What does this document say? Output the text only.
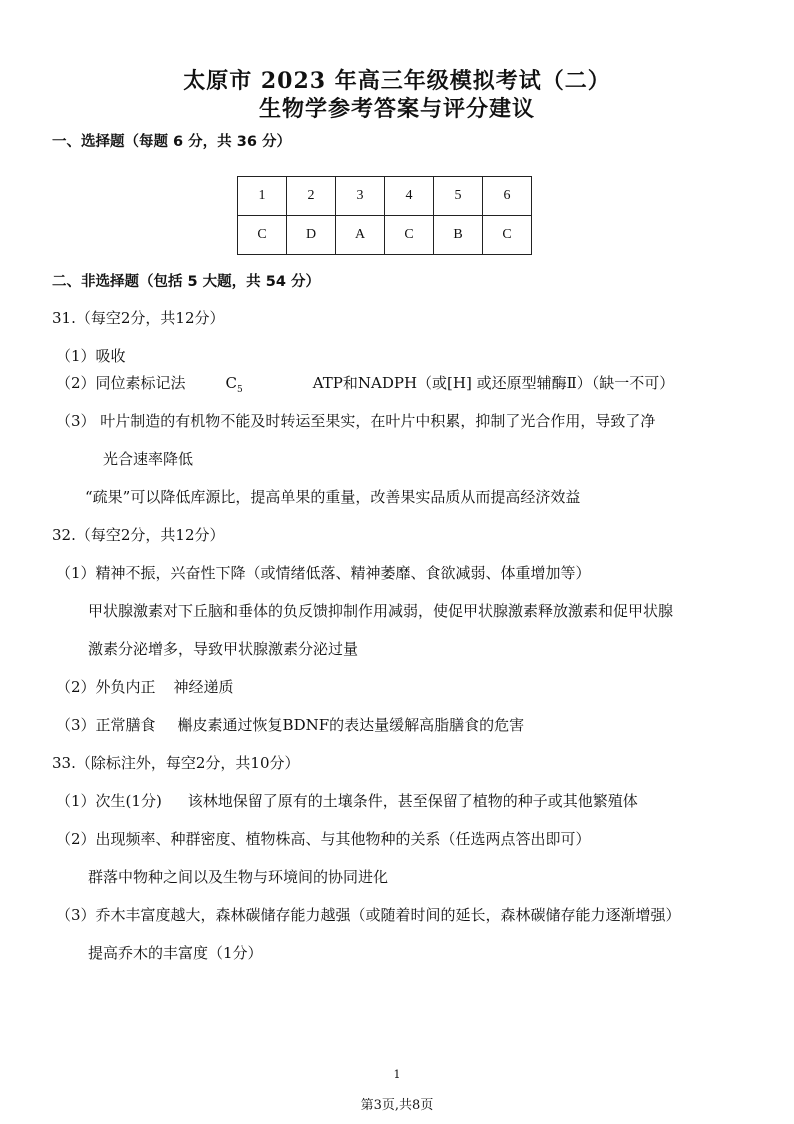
太原市 2023 年高三年级模拟考试（二）
生物学参考答案与评分建议
一、选择题（每题 6 分，共 36 分）
1	2	3	4	5	6
C	D	A	C	B	C
二、非选择题（包括 5 大题，共 54 分）
31.（每空2分，共12分）
（1）吸收
（2）同位素标记法	$C_5$	ATP和NADPH（或[H] 或还原型辅酶Ⅱ）（缺一不可）
（3） 叶片制造的有机物不能及时转运至果实，在叶片中积累，抑制了光合作用，导致了净
光合速率降低
“疏果”可以降低库源比，提高单果的重量，改善果实品质从而提高经济效益
32.（每空2分，共12分）
（1）精神不振，兴奋性下降（或情绪低落、精神萎靡、食欲减弱、体重增加等）
甲状腺激素对下丘脑和垂体的负反馈抑制作用减弱，使促甲状腺激素释放激素和促甲状腺
激素分泌增多，导致甲状腺激素分泌过量
（2）外负内正 神经递质
（3）正常膳食 槲皮素通过恢复BDNF的表达量缓解高脂膳食的危害
33.（除标注外，每空2分，共10分）
（1）次生(1分) 该林地保留了原有的土壤条件，甚至保留了植物的种子或其他繁殖体
（2）出现频率、种群密度、植物株高、与其他物种的关系（任选两点答出即可）
群落中物种之间以及生物与环境间的协同进化
（3）乔木丰富度越大，森林碳储存能力越强（或随着时间的延长，森林碳储存能力逐渐增强）
提高乔木的丰富度（1分）
1
第3页,共8页
